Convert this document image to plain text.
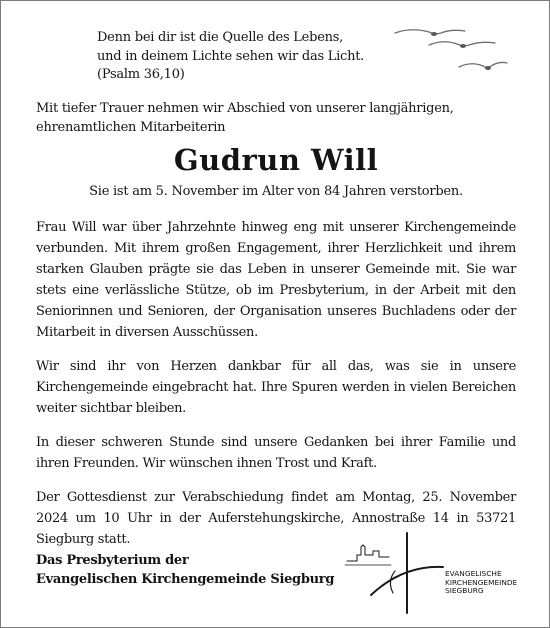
Denn bei dir ist die Quelle des Lebens,
und in deinem Lichte sehen wir das Licht.
(Psalm 36,10)
Mit tiefer Trauer nehmen wir Abschied von unserer langjährigen,
ehrenamtlichen Mitarbeiterin
Gudrun Will
Sie ist am 5. November im Alter von 84 Jahren verstorben.

Frau Will war über Jahrzehnte hinweg eng mit unserer Kirchengemeinde verbunden. Mit ihrem großen Engagement, ihrer Herzlichkeit und ihrem starken Glauben prägte sie das Leben in unserer Gemeinde mit. Sie war stets eine verlässliche Stütze, ob im Presbyterium, in der Arbeit mit den Seniorinnen und Senioren, der Organisation unseres Buchladens oder der Mitarbeit in diversen Ausschüssen.

Wir sind ihr von Herzen dankbar für all das, was sie in unsere Kirchengemeinde eingebracht hat. Ihre Spuren werden in vielen Bereichen weiter sichtbar bleiben.

In dieser schweren Stunde sind unsere Gedanken bei ihrer Familie und ihren Freunden. Wir wünschen ihnen Trost und Kraft.

Der Gottesdienst zur Verabschiedung findet am Montag, 25. November 2024 um 10 Uhr in der Auferstehungskirche, Annostraße 14 in 53721 Siegburg statt.

Das Presbyterium der
Evangelischen Kirchengemeinde Siegburg	EVANGELISCHE
KIRCHENGEMEINDE
SIEGBURG
